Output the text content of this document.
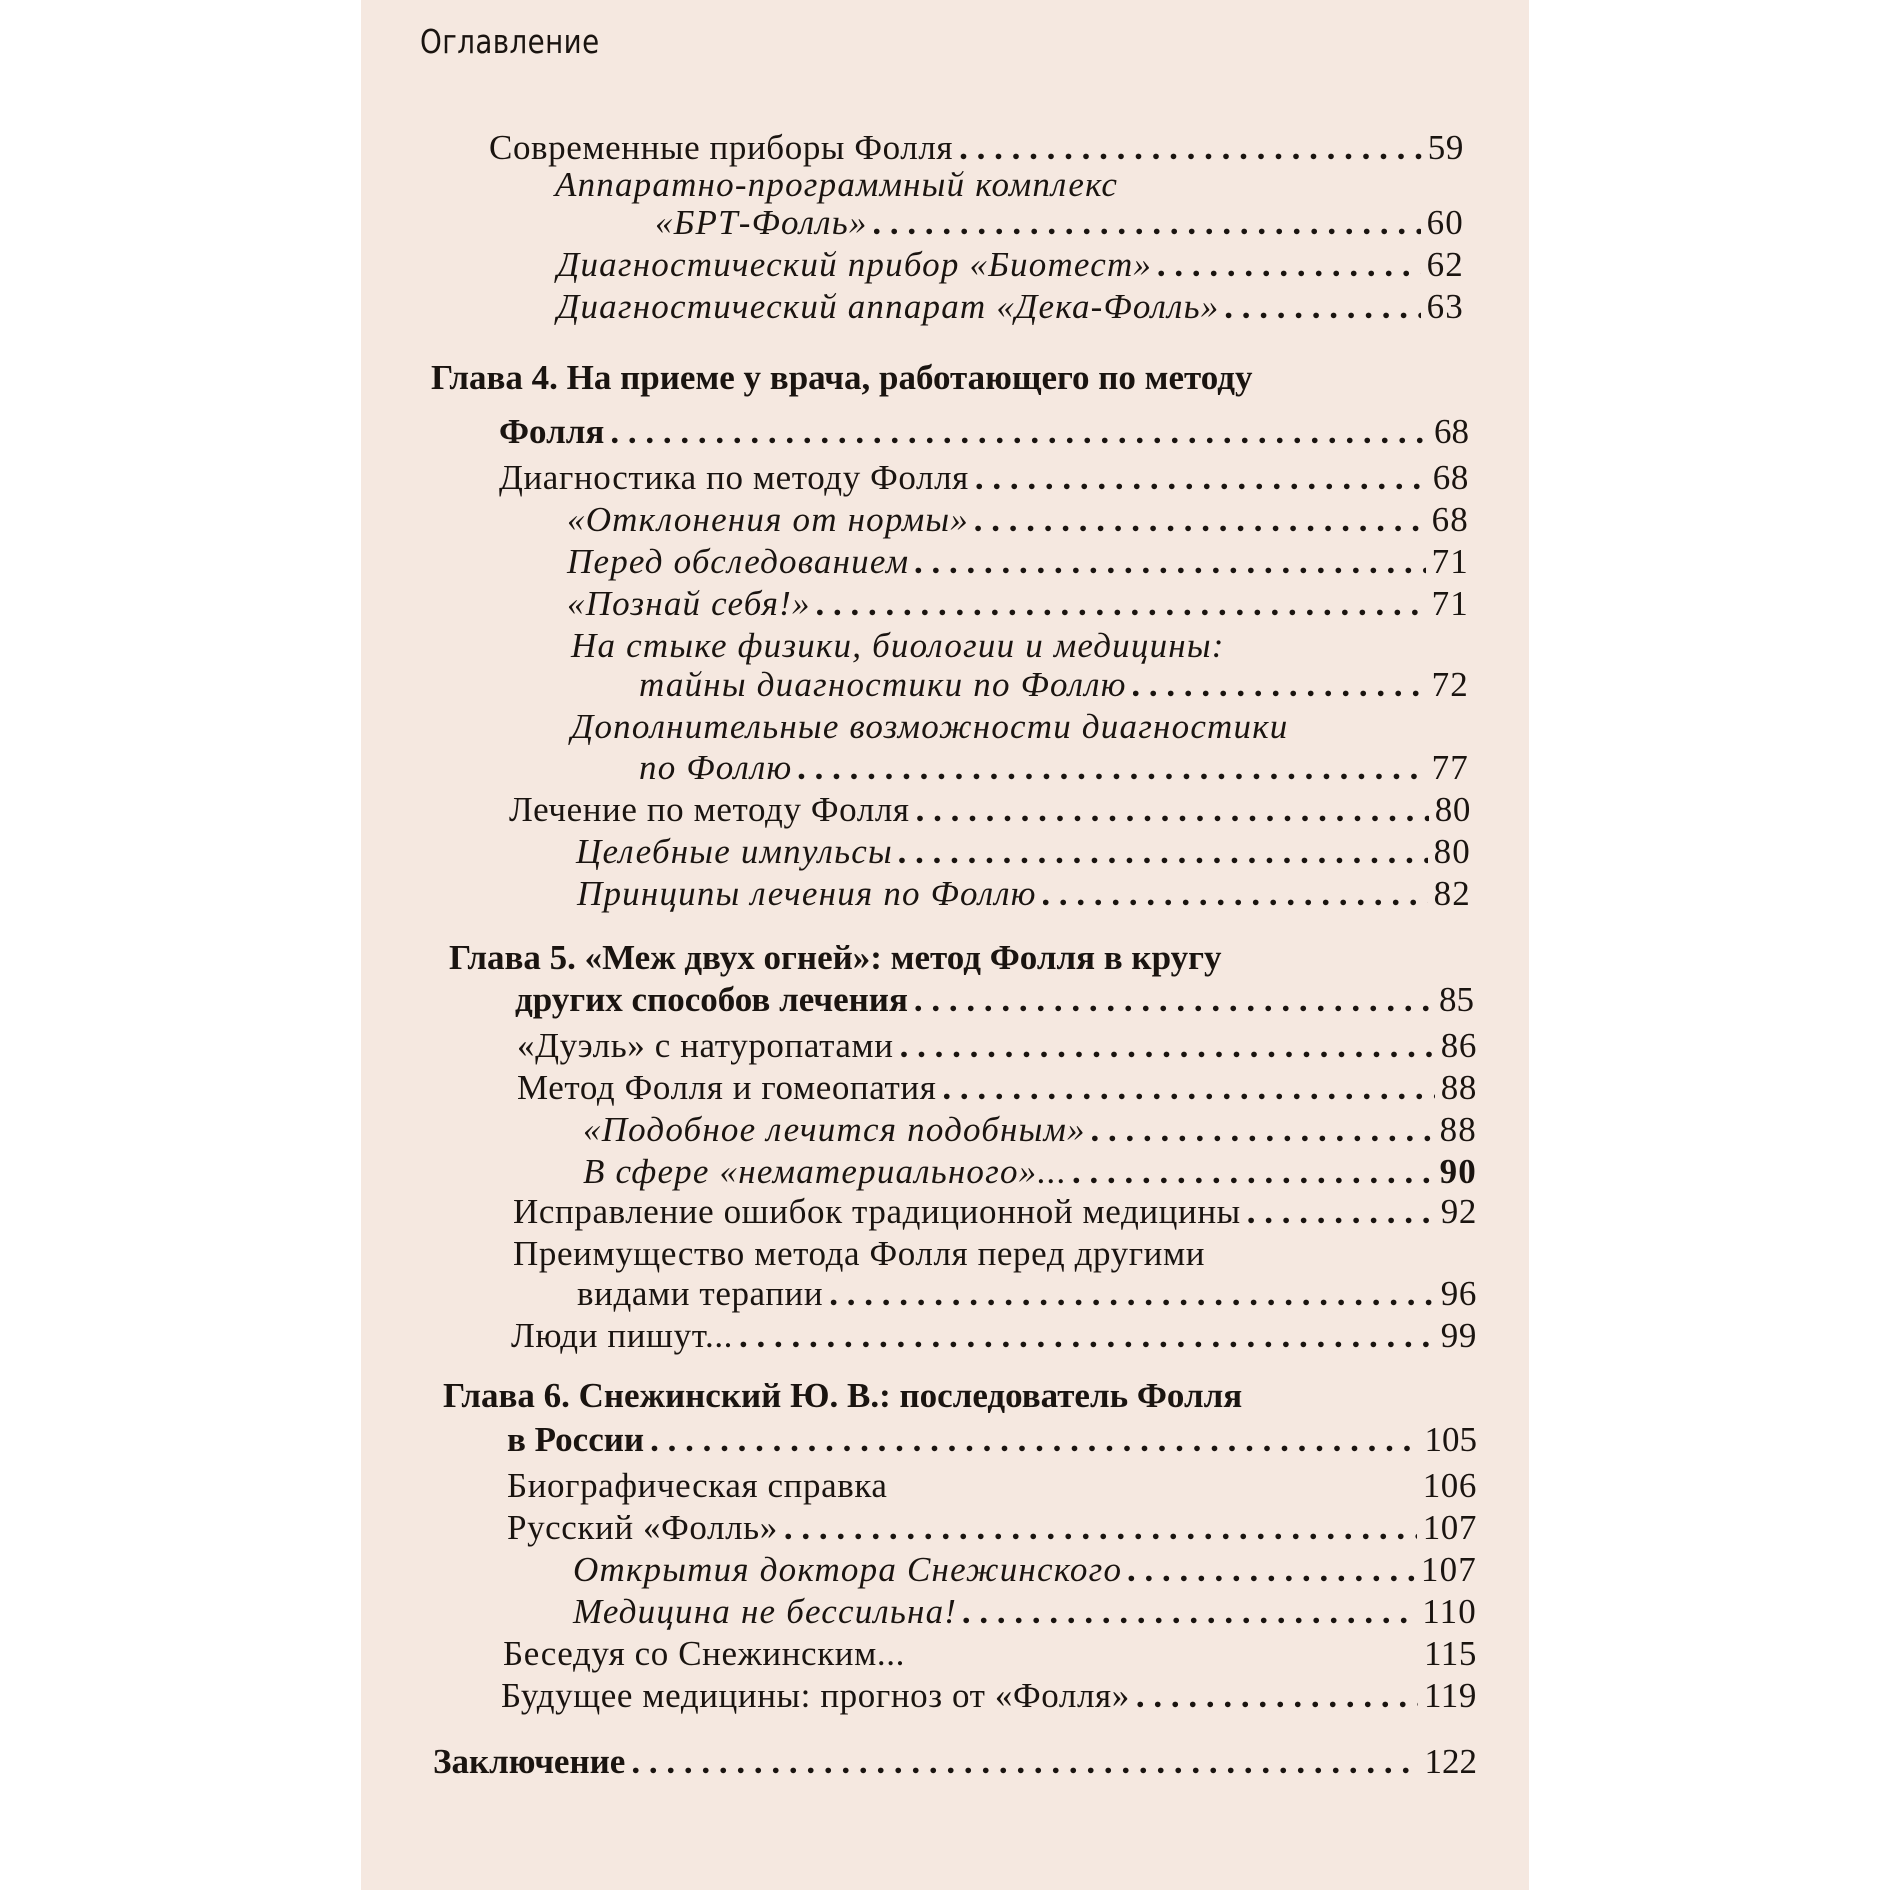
Оглавление
Современные приборы Фолля . . .	59
Аппаратно-программный комплекс
«БРТ-Фолль» . . .	60
Диагностический прибор «Биотест» . . .	62
Диагностический аппарат «Дека-Фолль» . . .	63
Глава 4. На приеме у врача, работающего по методу
Фолля . . .	68
Диагностика по методу Фолля . . .	68
«Отклонения от нормы» . . .	68
Перед обследованием . . .	71
«Познай себя!» . . .	71
На стыке физики, биологии и медицины:
тайны диагностики по Фоллю . . .	72
Дополнительные возможности диагностики
по Фоллю . . .	77
Лечение по методу Фолля . . .	80
Целебные импульсы . . .	80
Принципы лечения по Фоллю . . .	82
Глава 5. «Меж двух огней»: метод Фолля в кругу
других способов лечения . . .	85
«Дуэль» с натуропатами . . .	86
Метод Фолля и гомеопатия . . .	88
«Подобное лечится подобным» . . .	88
В сфере «нематериального»... . . .	90
Исправление ошибок традиционной медицины . . .	92
Преимущество метода Фолля перед другими
видами терапии . . .	96
Люди пишут... . . .	99
Глава 6. Снежинский Ю. В.: последователь Фолля
в России . . .	105
Биографическая справка	106
Русский «Фолль» . . .	107
Открытия доктора Снежинского . . .	107
Медицина не бессильна! . . .	110
Беседуя со Снежинским...	115
Будущее медицины: прогноз от «Фолля» . . .	119
Заключение . . .	122
